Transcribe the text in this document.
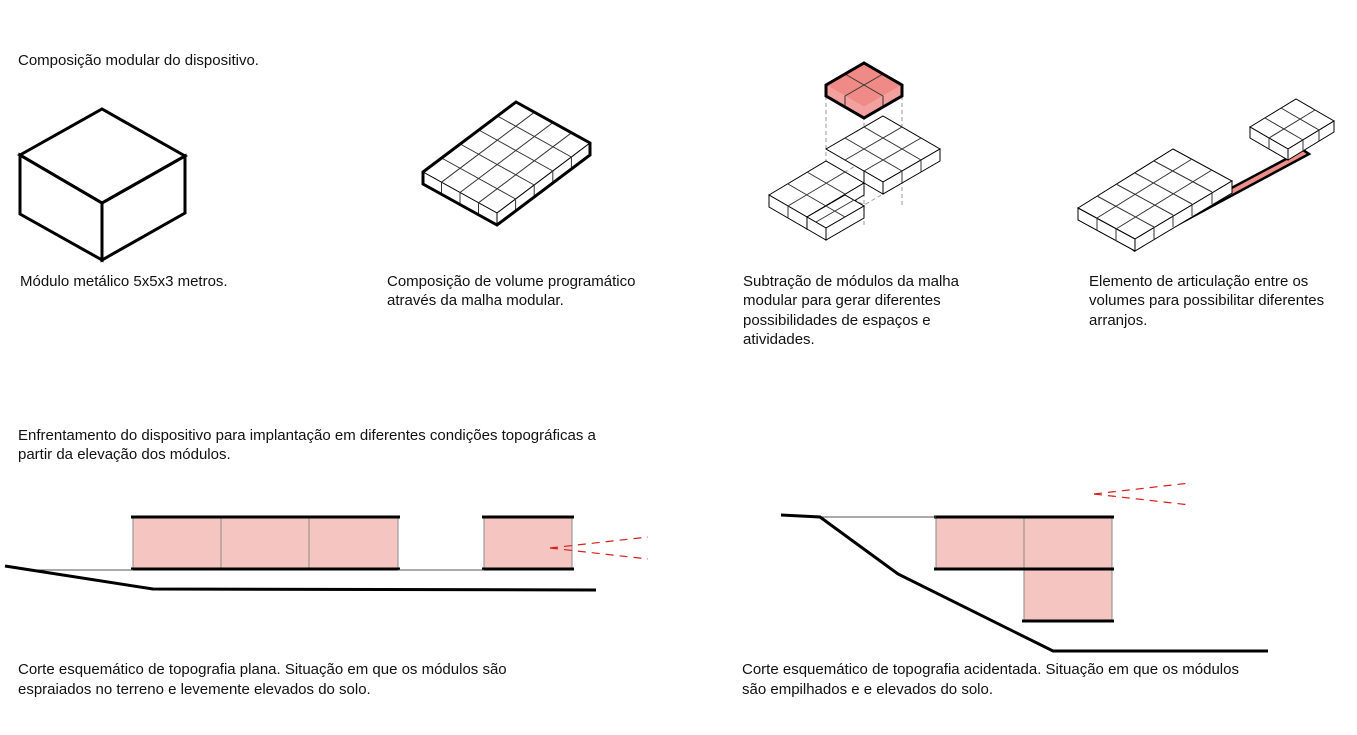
Composição modular do dispositivo.
Módulo metálico 5x5x3 metros.	Composição de volume programático
através da malha modular.
Subtração de módulos da malha
modular para gerar diferentes
possibilidades de espaços e
atividades.
Elemento de articulação entre os
volumes para possibilitar diferentes
arranjos.
Enfrentamento do dispositivo para implantação em diferentes condições topográficas a
partir da elevação dos módulos.
Corte esquemático de topografia plana. Situação em que os módulos são
espraiados no terreno e levemente elevados do solo.
Corte esquemático de topografia acidentada. Situação em que os módulos
são empilhados e e elevados do solo.
